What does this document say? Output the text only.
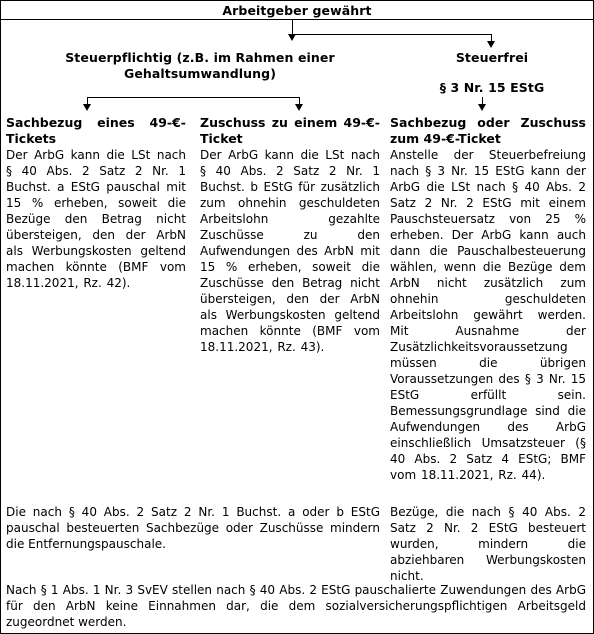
Arbeitgeber gewährt
Steuerpflichtig (z.B. im Rahmen einer Gehaltsumwandlung)
Steuerfrei
§ 3 Nr. 15 EStG
Sachbezug eines 49-€-Tickets
Der ArbG kann die LSt nach § 40 Abs. 2 Satz 2 Nr. 1 Buchst. a EStG pauschal mit 15 % erheben, soweit die Bezüge den Betrag nicht übersteigen, den der ArbN als Werbungskosten geltend machen könnte (BMF vom 18.11.2021, Rz. 42).
Zuschuss zu einem 49-€-Ticket
Der ArbG kann die LSt nach § 40 Abs. 2 Satz 2 Nr. 1 Buchst. b EStG für zusätzlich zum ohnehin geschuldeten Arbeitslohn gezahlte Zuschüsse zu den Aufwendungen des ArbN mit 15 % erheben, soweit die Zuschüsse den Betrag nicht übersteigen, den der ArbN als Werbungskosten geltend machen könnte (BMF vom 18.11.2021, Rz. 43).
Sachbezug oder Zuschuss zum 49-€-Ticket
Anstelle der Steuerbefreiung nach § 3 Nr. 15 EStG kann der ArbG die LSt nach § 40 Abs. 2 Satz 2 Nr. 2 EStG mit einem Pauschsteuersatz von 25 % erheben. Der ArbG kann auch dann die Pauschalbesteuerung wählen, wenn die Bezüge dem ArbN nicht zusätzlich zum ohnehin geschuldeten Arbeitslohn gewährt werden. Mit Ausnahme der Zusätzlichkeitsvoraussetzung müssen die übrigen Voraussetzungen des § 3 Nr. 15 EStG erfüllt sein. Bemessungsgrundlage sind die Aufwendungen des ArbG einschließlich Umsatzsteuer (§ 40 Abs. 2 Satz 4 EStG; BMF vom 18.11.2021, Rz. 44).
Die nach § 40 Abs. 2 Satz 2 Nr. 1 Buchst. a oder b EStG pauschal besteuerten Sachbezüge oder Zuschüsse mindern die Entfernungspauschale.
Bezüge, die nach § 40 Abs. 2 Satz 2 Nr. 2 EStG besteuert wurden, mindern die abziehbaren Werbungskosten nicht.
Nach § 1 Abs. 1 Nr. 3 SvEV stellen nach § 40 Abs. 2 EStG pauschalierte Zuwendungen des ArbG für den ArbN keine Einnahmen dar, die dem sozialversicherungspflichtigen Arbeitsgeld zugeordnet werden.
